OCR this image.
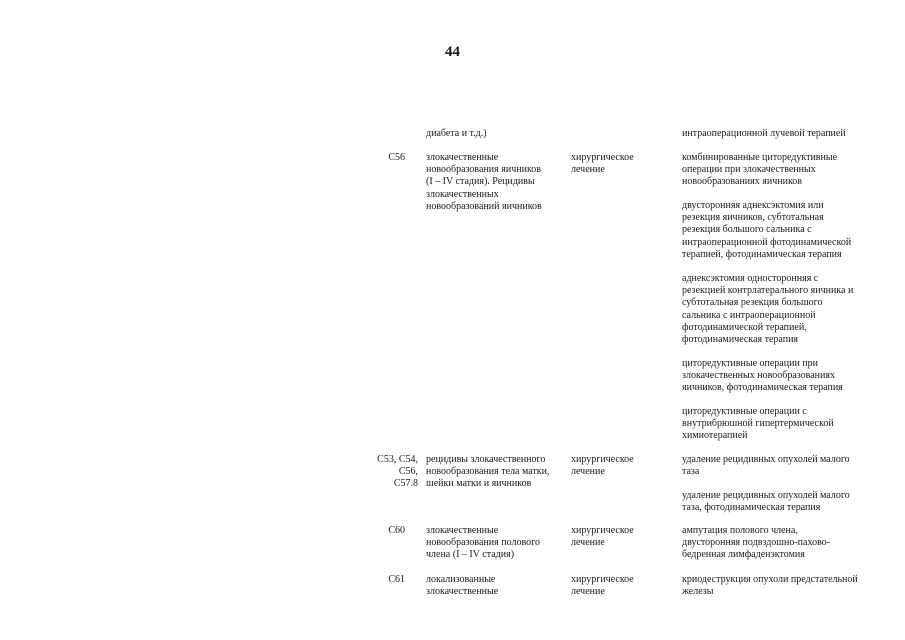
44
диабета и т.д.)	интраоперационной лучевой терапией
C56 злокачественные
новообразования яичников
(I – IV стадия). Рецидивы
злокачественных
новообразований яичников
хирургическое
лечение
комбинированные циторедуктивные
операции при злокачественных
новообразованиях яичников
двусторонняя аднексэктомия или
резекция яичников, субтотальная
резекция большого сальника с
интраоперационной фотодинамической
терапией, фотодинамическая терапия
аднексэктомия односторонняя с
резекцией контрлатерального яичника и
субтотальная резекция большого
сальника с интраоперационной
фотодинамической терапией,
фотодинамическая терапия
циторедуктивные операции при
злокачественных новообразованиях
яичников, фотодинамическая терапия
циторедуктивные операции с
внутрибрюшной гипертермической
химиотерапией
C53, C54,
C56,
C57.8
рецидивы злокачественного
новообразования тела матки,
шейки матки и яичников
хирургическое
лечение
удаление рецидивных опухолей малого
таза
удаление рецидивных опухолей малого
таза, фотодинамическая терапия
C60 злокачественные
новообразования полового
члена (I – IV стадия)
хирургическое
лечение
ампутация полового члена,
двусторонняя подвздошно-пахово-
бедренная лимфаденэктомия
C61 локализованные
злокачественные
хирургическое
лечение
криодеструкция опухоли предстательной
железы
